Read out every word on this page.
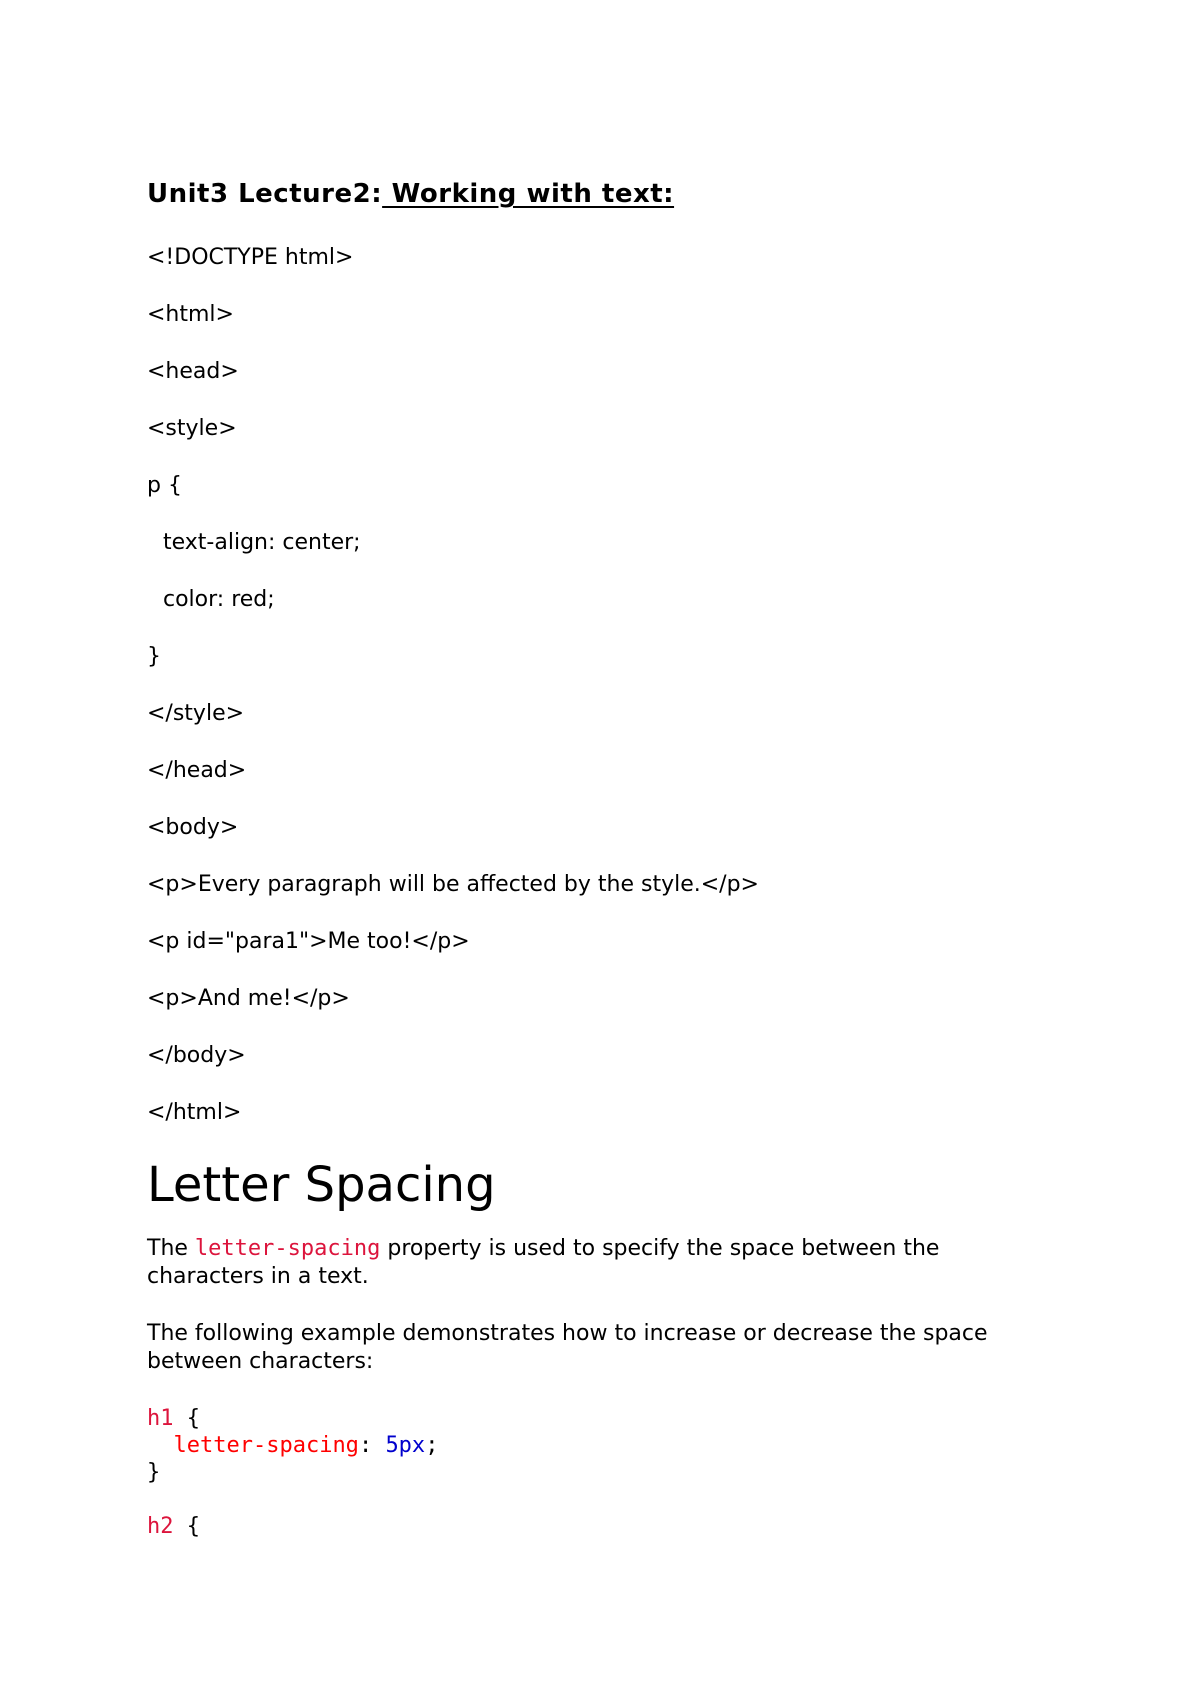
Unit3 Lecture2: Working with text:
<!DOCTYPE html>
<html>
<head>
<style>
p {
text-align: center;
color: red;
}
</style>
</head>
<body>
<p>Every paragraph will be affected by the style.</p>
<p id="para1">Me too!</p>
<p>And me!</p>
</body>
</html>
Letter Spacing

The letter-spacing property is used to specify the space between the characters in a text.

The following example demonstrates how to increase or decrease the space between characters:

h1 {
letter-spacing: 5px;
}
h2 {
